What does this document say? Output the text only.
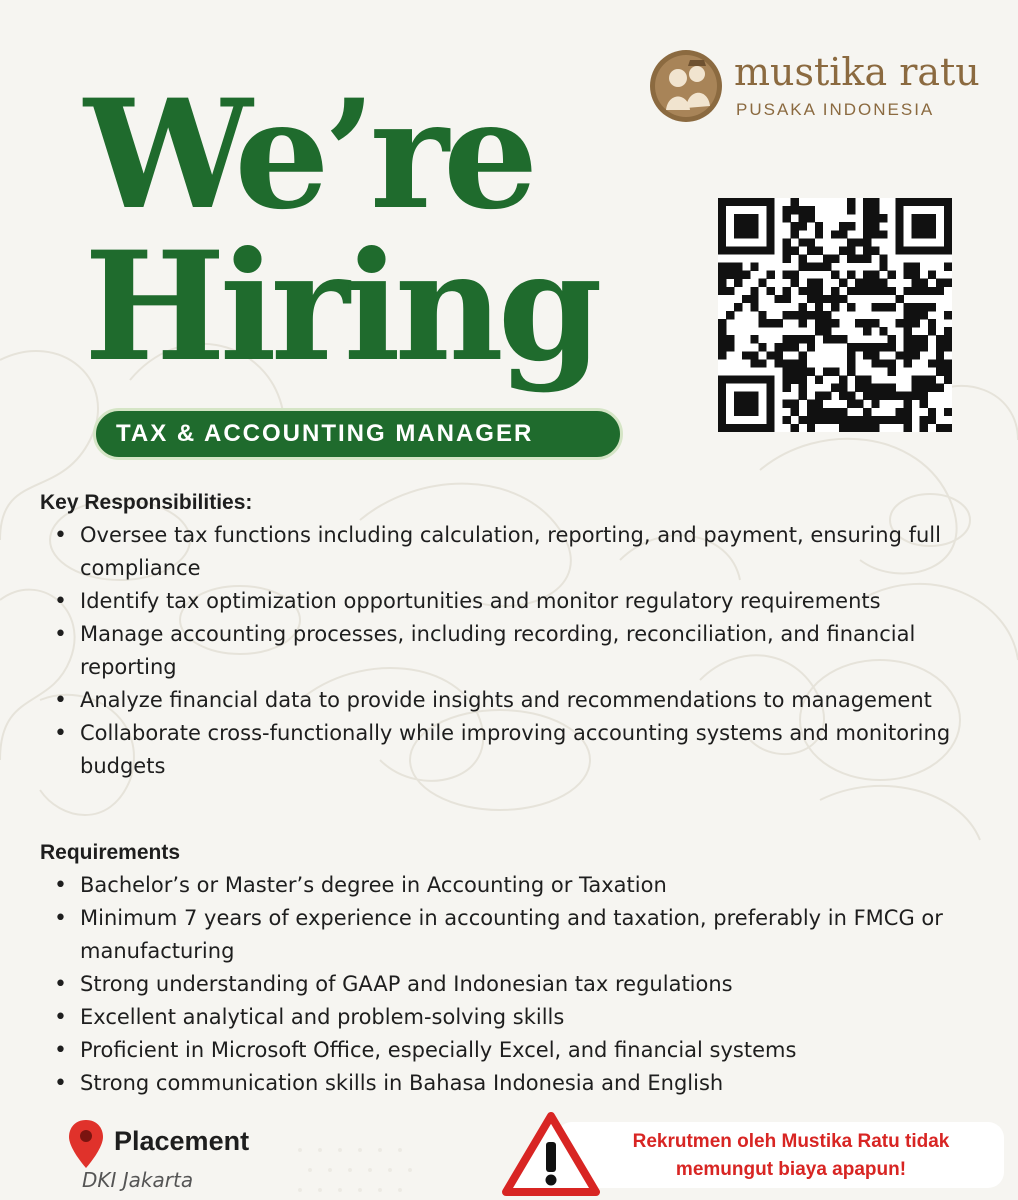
We’re
Hiring
TAX & ACCOUNTING MANAGER
mustika ratu
PUSAKA INDONESIA
Key Responsibilities:
• Oversee tax functions including calculation, reporting, and payment, ensuring full compliance
• Identify tax optimization opportunities and monitor regulatory requirements
• Manage accounting processes, including recording, reconciliation, and financial reporting
• Analyze financial data to provide insights and recommendations to management
• Collaborate cross-functionally while improving accounting systems and monitoring budgets
Requirements
• Bachelor’s or Master’s degree in Accounting or Taxation
• Minimum 7 years of experience in accounting and taxation, preferably in FMCG or manufacturing
• Strong understanding of GAAP and Indonesian tax regulations
• Excellent analytical and problem-solving skills
• Proficient in Microsoft Office, especially Excel, and financial systems
• Strong communication skills in Bahasa Indonesia and English
Placement
DKI Jakarta
Rekrutmen oleh Mustika Ratu tidak
memungut biaya apapun!
